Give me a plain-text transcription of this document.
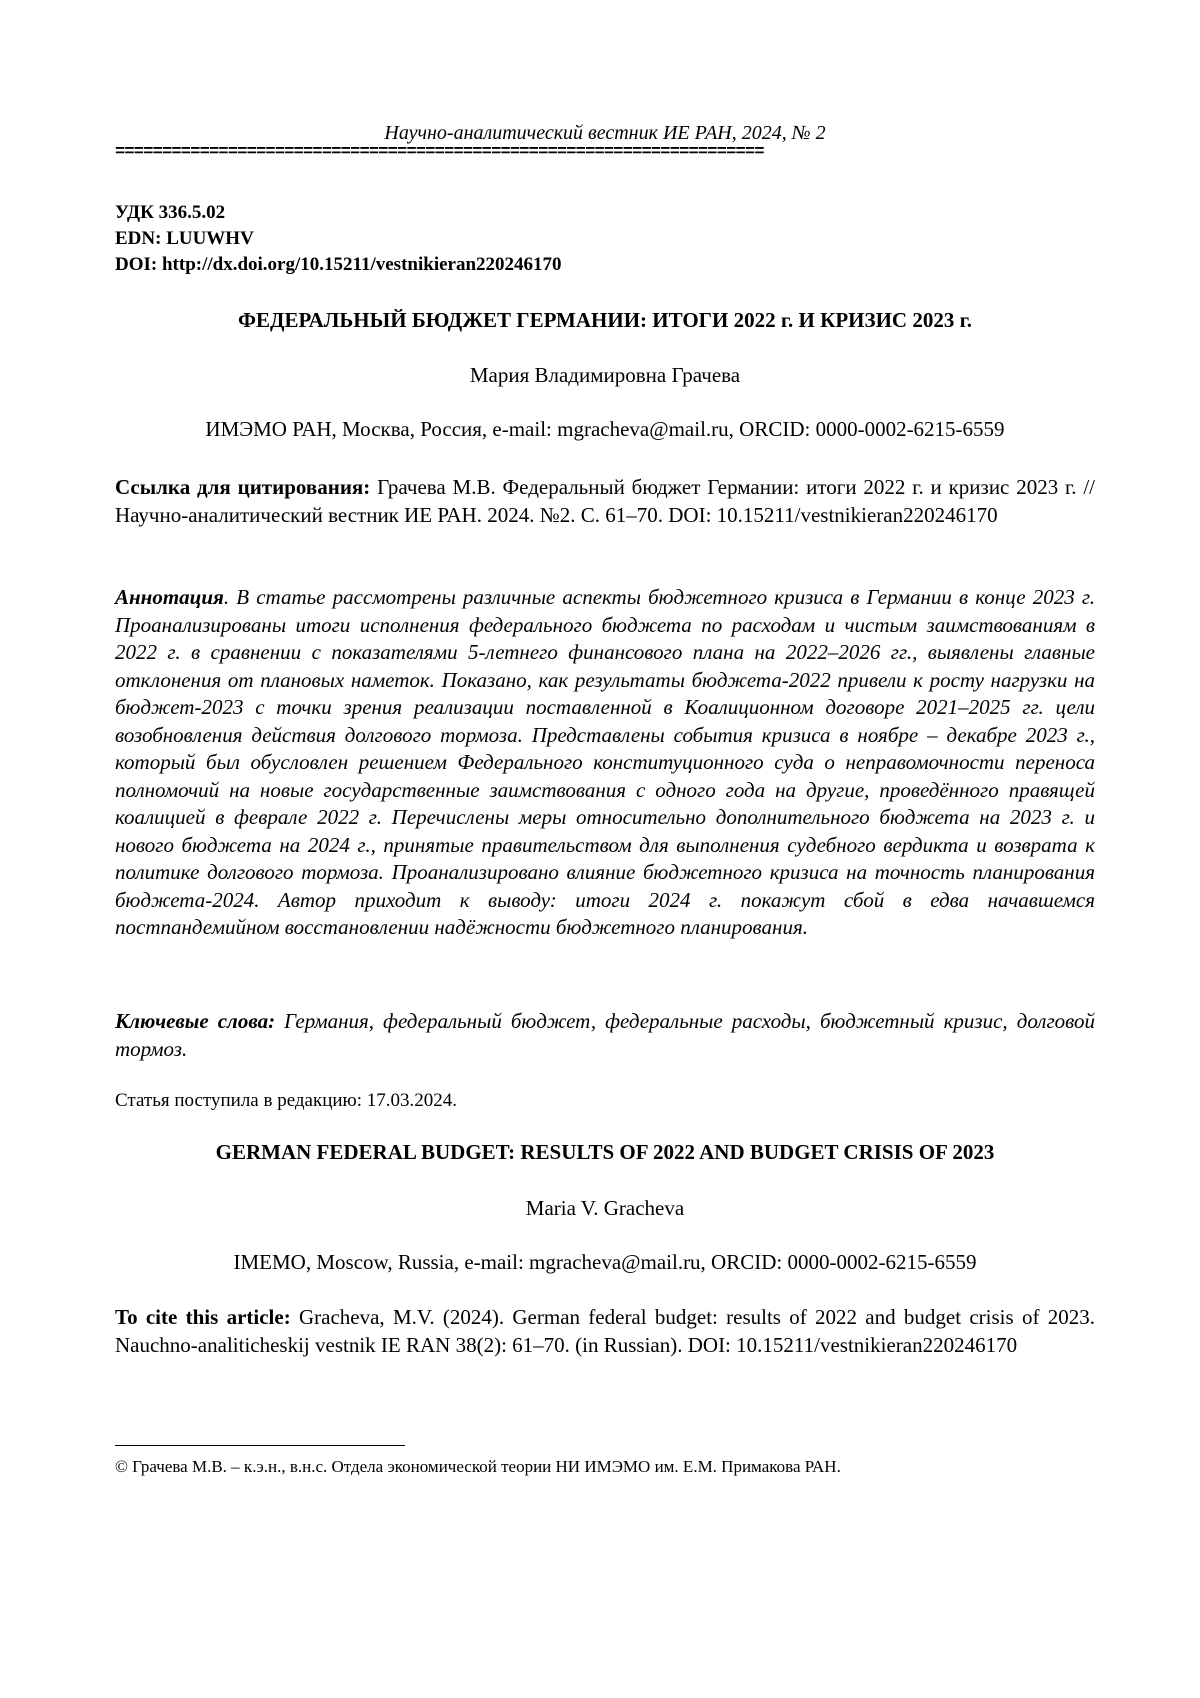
Научно-аналитический вестник ИЕ РАН, 2024, № 2
=====================================================================
УДК 336.5.02
EDN: LUUWHV
DOI: http://dx.doi.org/10.15211/vestnikieran220246170
ФЕДЕРАЛЬНЫЙ БЮДЖЕТ ГЕРМАНИИ: ИТОГИ 2022 г. И КРИЗИС 2023 г.
Мария Владимировна Грачева
ИМЭМО РАН, Москва, Россия, e-mail: mgracheva@mail.ru, ORCID: 0000-0002-6215-6559
Ссылка для цитирования: Грачева М.В. Федеральный бюджет Германии: итоги 2022 г. и кризис 2023 г. // Научно-аналитический вестник ИЕ РАН. 2024. №2. С. 61–70. DOI: 10.15211/vestnikieran220246170
Аннотация. В статье рассмотрены различные аспекты бюджетного кризиса в Германии в конце 2023 г. Проанализированы итоги исполнения федерального бюджета по расходам и чистым заимствованиям в 2022 г. в сравнении с показателями 5-летнего финансового плана на 2022–2026 гг., выявлены главные отклонения от плановых наметок. Показано, как результаты бюджета-2022 привели к росту нагрузки на бюджет-2023 с точки зрения реализации поставленной в Коалиционном договоре 2021–2025 гг. цели возобновления действия долгового тормоза. Представлены события кризиса в ноябре – декабре 2023 г., который был обусловлен решением Федерального конституционного суда о неправомочности переноса полномочий на новые государственные заимствования с одного года на другие, проведённого правящей коалицией в феврале 2022 г. Перечислены меры относительно дополнительного бюджета на 2023 г. и нового бюджета на 2024 г., принятые правительством для выполнения судебного вердикта и возврата к политике долгового тормоза. Проанализировано влияние бюджетного кризиса на точность планирования бюджета-2024. Автор приходит к выводу: итоги 2024 г. покажут сбой в едва начавшемся постпандемийном восстановлении надёжности бюджетного планирования.
Ключевые слова: Германия, федеральный бюджет, федеральные расходы, бюджетный кризис, долговой тормоз.
Статья поступила в редакцию: 17.03.2024.
GERMAN FEDERAL BUDGET: RESULTS OF 2022 AND BUDGET CRISIS OF 2023
Maria V. Gracheva
IMEMO, Moscow, Russia, e-mail: mgracheva@mail.ru, ORCID: 0000-0002-6215-6559
To cite this article: Gracheva, M.V. (2024). German federal budget: results of 2022 and budget crisis of 2023. Nauchno-analiticheskij vestnik IE RAN 38(2): 61–70. (in Russian). DOI: 10.15211/vestnikieran220246170
© Грачева М.В. – к.э.н., в.н.с. Отдела экономической теории НИ ИМЭМО им. Е.М. Примакова РАН.
